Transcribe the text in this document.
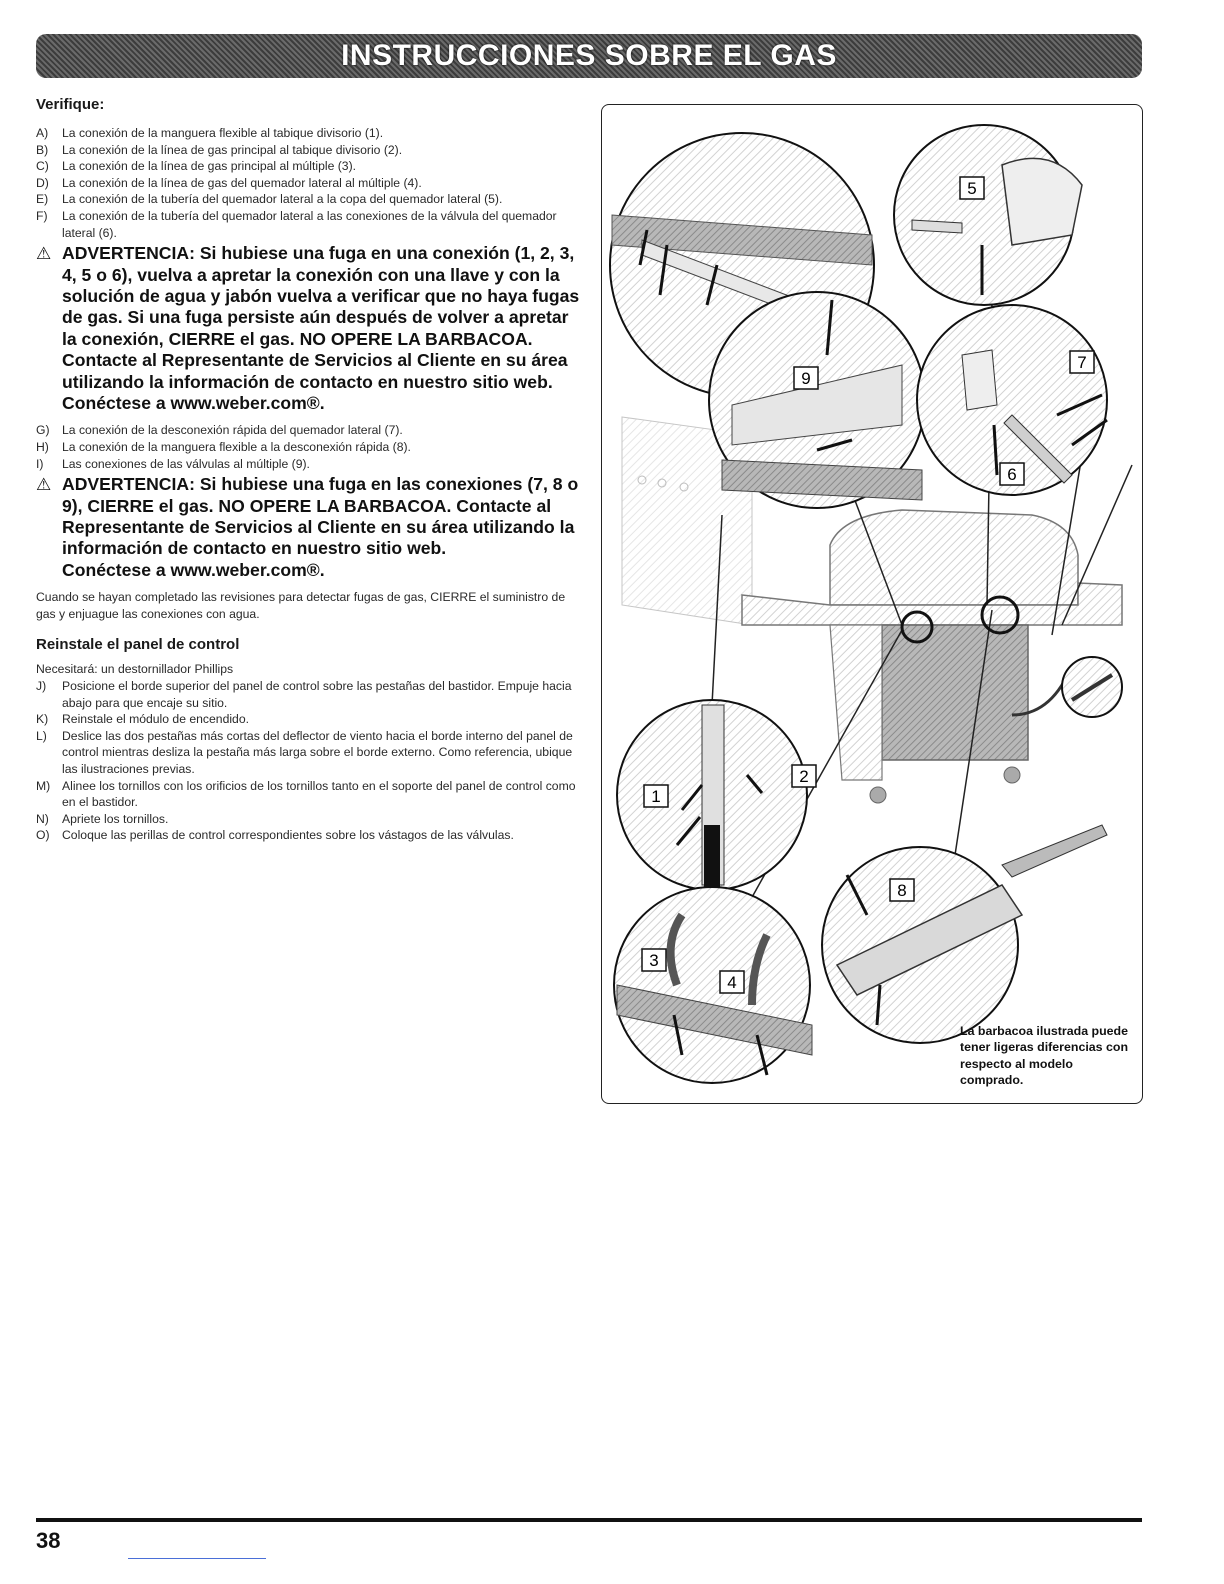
INSTRUCCIONES SOBRE EL GAS
Verifique:
A)	La conexión de la manguera flexible al tabique divisorio (1).
B)	La conexión de la línea de gas principal al tabique divisorio (2).
C)	La conexión de la línea de gas principal al múltiple (3).
D)	La conexión de la línea de gas del quemador lateral al múltiple (4).
E)	La conexión de la tubería del quemador lateral a la copa del quemador lateral (5).
F)	La conexión de la tubería del quemador lateral a las conexiones de la válvula del quemador lateral (6).
⚠ ADVERTENCIA: Si hubiese una fuga en una conexión (1, 2, 3, 4, 5 o 6), vuelva a apretar la conexión con una llave y con la solución de agua y jabón vuelva a verificar que no haya fugas de gas. Si una fuga persiste aún después de volver a apretar la conexión, CIERRE el gas. NO OPERE LA BARBACOA. Contacte al Representante de Servicios al Cliente en su área utilizando la información de contacto en nuestro sitio web.
Conéctese a www.weber.com®.
G)	La conexión de la desconexión rápida del quemador lateral (7).
H)	La conexión de la manguera flexible a la desconexión rápida (8).
I)	Las conexiones de las válvulas al múltiple (9).
⚠ ADVERTENCIA: Si hubiese una fuga en las conexiones (7, 8 o 9), CIERRE el gas. NO OPERE LA BARBACOA. Contacte al Representante de Servicios al Cliente en su área utilizando la información de contacto en nuestro sitio web.
Conéctese a www.weber.com®.

Cuando se hayan completado las revisiones para detectar fugas de gas, CIERRE el suministro de gas y enjuague las conexiones con agua.

Reinstale el panel de control
Necesitará: un destornillador Phillips
J)	Posicione el borde superior del panel de control sobre las pestañas del bastidor. Empuje hacia abajo para que encaje su sitio.
K)	Reinstale el módulo de encendido.
L)	Deslice las dos pestañas más cortas del deflector de viento hacia el borde interno del panel de control mientras desliza la pestaña más larga sobre el borde externo. Como referencia, ubique las ilustraciones previas.
M) Alinee los tornillos con los orificios de los tornillos tanto en el soporte del panel de control como en el bastidor.
N)	Apriete los tornillos.
O)	Coloque las perillas de control correspondientes sobre los vástagos de las válvulas.
5
9
7
6
1
2
8
3
4
La barbacoa ilustrada puede tener ligeras diferencias con respecto al modelo comprado.
38
